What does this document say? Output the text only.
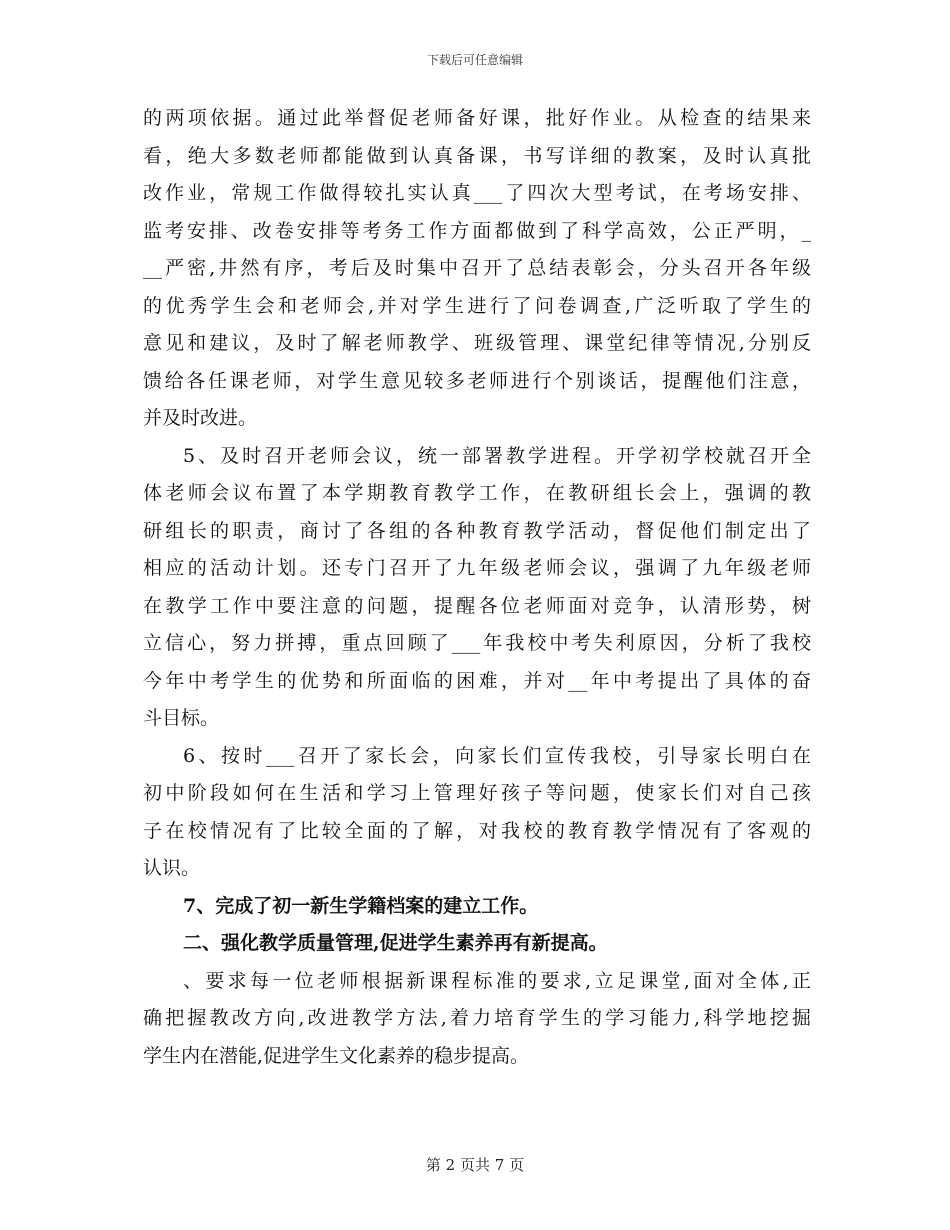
下载后可任意编辑
的两项依据。通过此举督促老师备好课，批好作业。从检查的结果来
看，绝大多数老师都能做到认真备课，书写详细的教案，及时认真批
改作业，常规工作做得较扎实认真___了四次大型考试，在考场安排、
监考安排、改卷安排等考务工作方面都做到了科学高效，公正严明，_
__严密,井然有序，考后及时集中召开了总结表彰会，分头召开各年级
的优秀学生会和老师会,并对学生进行了问卷调查,广泛听取了学生的
意见和建议，及时了解老师教学、班级管理、课堂纪律等情况,分别反
馈给各任课老师，对学生意见较多老师进行个别谈话，提醒他们注意，
并及时改进。
5、及时召开老师会议，统一部署教学进程。开学初学校就召开全
体老师会议布置了本学期教育教学工作，在教研组长会上，强调的教
研组长的职责，商讨了各组的各种教育教学活动，督促他们制定出了
相应的活动计划。还专门召开了九年级老师会议，强调了九年级老师
在教学工作中要注意的问题，提醒各位老师面对竞争，认清形势，树
立信心，努力拼搏，重点回顾了___年我校中考失利原因，分析了我校
今年中考学生的优势和所面临的困难，并对__年中考提出了具体的奋
斗目标。
6、按时___召开了家长会，向家长们宣传我校，引导家长明白在
初中阶段如何在生活和学习上管理好孩子等问题，使家长们对自己孩
子在校情况有了比较全面的了解，对我校的教育教学情况有了客观的
认识。
7、完成了初一新生学籍档案的建立工作。
二、强化教学质量管理,促进学生素养再有新提高。
、要求每一位老师根据新课程标准的要求,立足课堂,面对全体,正
确把握教改方向,改进教学方法,着力培育学生的学习能力,科学地挖掘
学生内在潜能,促进学生文化素养的稳步提高。
第 2 页共 7 页
